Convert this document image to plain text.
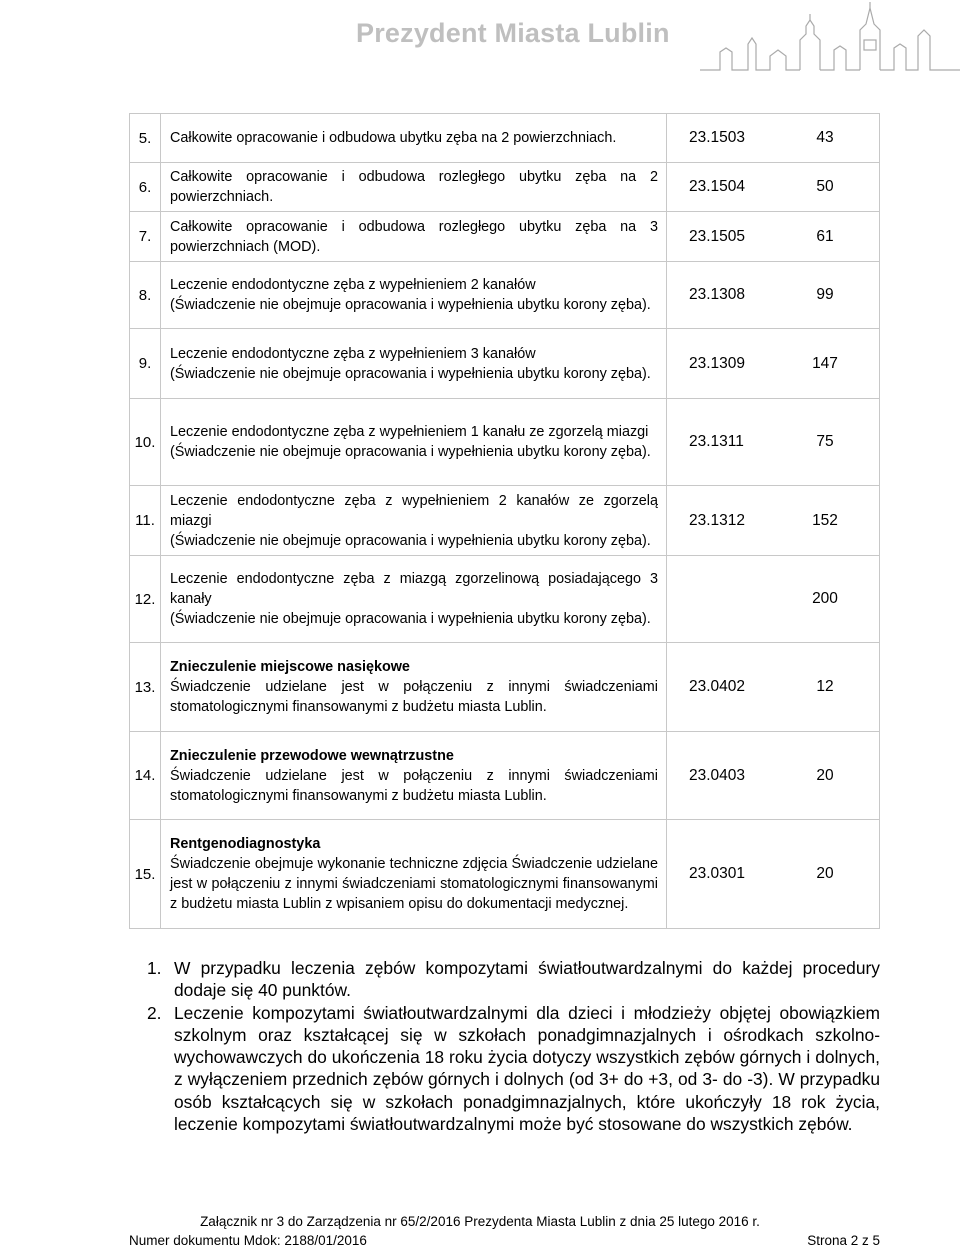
Prezydent Miasta Lublin
5.	Całkowite opracowanie i odbudowa ubytku zęba na 2 powierzchniach.	23.1503	43	
6.	Całkowite opracowanie i odbudowa rozległego ubytku zęba na 2 powierzchniach.	23.1504	50	
7.	Całkowite opracowanie i odbudowa rozległego ubytku zęba na 3 powierzchniach (MOD).	23.1505	61	
8.	Leczenie endodontyczne zęba z wypełnieniem 2 kanałów
(Świadczenie nie obejmuje opracowania i wypełnienia ubytku korony zęba).	23.1308	99	
9.	Leczenie endodontyczne zęba z wypełnieniem 3 kanałów
(Świadczenie nie obejmuje opracowania i wypełnienia ubytku korony zęba).	23.1309	147	
10.	Leczenie endodontyczne zęba z wypełnieniem 1 kanału ze zgorzelą miazgi
(Świadczenie nie obejmuje opracowania i wypełnienia ubytku korony zęba).	23.1311	75	
11.	Leczenie endodontyczne zęba z wypełnieniem 2 kanałów ze zgorzelą miazgi
(Świadczenie nie obejmuje opracowania i wypełnienia ubytku korony zęba).	23.1312	152	
12.	Leczenie endodontyczne zęba z miazgą zgorzelinową posiadającego 3 kanały
(Świadczenie nie obejmuje opracowania i wypełnienia ubytku korony zęba).		200	
13.	Znieczulenie miejscowe nasiękowe
Świadczenie udzielane jest w połączeniu z innymi świadczeniami stomatologicznymi finansowanymi z budżetu miasta Lublin.	23.0402	12	
14.	Znieczulenie przewodowe wewnątrzustne
Świadczenie udzielane jest w połączeniu z innymi świadczeniami stomatologicznymi finansowanymi z budżetu miasta Lublin.	23.0403	20	
15.	Rentgenodiagnostyka
Świadczenie obejmuje wykonanie techniczne zdjęcia Świadczenie udzielane jest w połączeniu z innymi świadczeniami stomatologicznymi finansowanymi z budżetu miasta Lublin z wpisaniem opisu do dokumentacji medycznej.	23.0301	20	
1. W przypadku leczenia zębów kompozytami światłoutwardzalnymi do każdej procedury dodaje się 40 punktów.
2. Leczenie kompozytami światłoutwardzalnymi dla dzieci i młodzieży objętej obowiązkiem szkolnym oraz kształcącej się w szkołach ponadgimnazjalnych i ośrodkach szkolno-wychowawczych do ukończenia 18 roku życia dotyczy wszystkich zębów górnych i dolnych, z wyłączeniem przednich zębów górnych i dolnych (od 3+ do +3, od 3- do -3). W przypadku osób kształcących się w szkołach ponadgimnazjalnych, które ukończyły 18 rok życia, leczenie kompozytami światłoutwardzalnymi może być stosowane do wszystkich zębów.
Załącznik nr 3 do Zarządzenia nr 65/2/2016 Prezydenta Miasta Lublin z dnia 25 lutego 2016 r.
Numer dokumentu Mdok: 2188/01/2016	Strona 2 z 5
